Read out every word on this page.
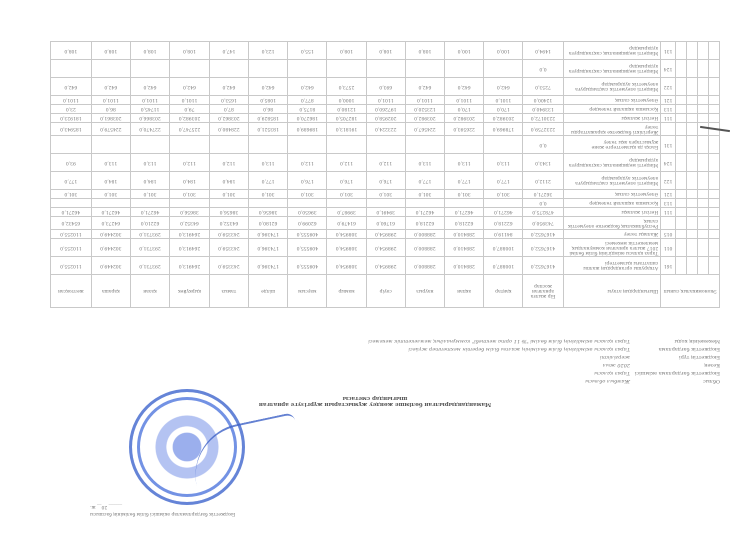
Бюджеттік бағдарламалар әкімшісі білім бөлімінің басшысы
______ 20__ ж.
Мамандандырылған бөлімше жөндеу жұмыстарын жүргізуге арналған шығындар сметасы
Облыс
Жамбыл облысы
Бюджеттік бағдарлама әкімшісі
Тараз қаласы
Кезең
2020 жыл
Бюджеттің түрі
жергілікті
Бюджеттік бағдарлама
Тараз қаласы әкімдігінің білім бөлімінің жалпы білім беретін мектептер жүйесі
Мекемеінің коды
Тараз қаласы әкімдігінің білім бөлімі "№ 11 орта мектебі" коммуналдық мемлекеттік мекемесі
Экономикалық сынып					Шығындардың атауы	Бір жылға арналған жоспар	қаңтар	ақпан	наурыз	сәуір	мамыр	маусым	шілде	тамыз	қыркүйек	қазан	қараша	желтоқсан
				161	Атқарушы органдардың жалпы сипаттағы қызметтері	4167652,0	100887,0	288410,0	288800,0	298954,0	308954,0	409555,0	174396,0	243359,0	264913,0	293731,0	302449,0	110255,0
				011	Тараз қаласы әкімдігінің білім бөлімі 2017 жылға арналған коммуналдық мемлекеттік мекемесі	4167652,0	100887,0	288410,0	288800,0	298954,0	308954,0	409555,0	174396,0	243359,0	264913,0	293731,0	302449,0	110255,0
				015	Жалақы төлеу	4167652,0	84119,0	288410,0	288800,0	298954,0	308954,0	409555,0	174396,0	243359,0	264913,0	293731,0	302449,0	110255,0
					Республикалық бюджетке әлеуметтік салық	743950,0	62218,0	62218,0	62218,0	61760,0	61479,0	62099,0	62180,0	64352,0	64352,0	62210,0	64273,0	65432,0
				111	Негізгі жалақы	478275,0	46271,0	46271,0	46271,0	39491,0	39987,0	39650,0	38656,0	38656,0	38656,0	46271,0	46271,0	46271,0
				113	Қосымша ақшалай төлемдер	0,0												
				121	Әлеуметтік салық	36271,0	301,0	301,0	301,0	301,0	301,0	301,0	301,0	301,0	301,0	301,0	301,0	301,0
				122	Міндетті әлеуметтік сақтандыруға әлеуметтік аударымдар	2112,0	177,0	177,0	177,0	176,0	176,0	176,0	177,0	184,0	184,0	184,0	184,0	177,0
				124	Міндетті медициналық сақтандыруға аударымдар	1343,0	113,0	113,0	113,0	112,0	112,0	112,0	113,0	112,0	112,0	113,0	113,0	93,0
				131	Басқа да қызметтерге және жұмыстарға ақы төлеу	0,0												
					Жергілікті бюджетке қаражаттарды төлеу	2232759,0	178969,0	226593,0	224567,0	223224,0	191813,0	189689,0	183521,0	228480,0	225747,0	227470,0	224579,0	185943,0
				111	Негізгі жалақы	2230172,0	203982,0	203982,0	203982,0	202958,0	182705,0	186270,0	185829,0	203862,0	203982,0	203866,0	203861,0	181923,0
				113	Қосымша ақшалай төлемдер	133940,0	170,0	170,0	123520,0	197260,0	12180,0	8175,0	86,0	87,0	79,0	11745,0	86,0	23,0
				121	Әлеуметтік салық	12400,0	1101,0	1101,0	1101,0	1101,0	1000,0	877,0	1085,0	1653,0	1101,0	1101,0	1101,0	1101,0
				122	Міндетті әлеуметтік сақтандыруға әлеуметтік аударымдар	7253,0	642,0	642,0	642,0	693,0	2573,0	642,0	642,0	642,0	642,0	642,0	642,0	642,0
				124	Міндетті медициналық сақтандыруға аударымдар	0,0												
				131	Міндетті медициналық сақтандыруға аударымдар	1494,0	100,0	100,0	108,0	108,0	108,0	155,0	123,0	147,0	108,0	108,0	108,0	108,0
